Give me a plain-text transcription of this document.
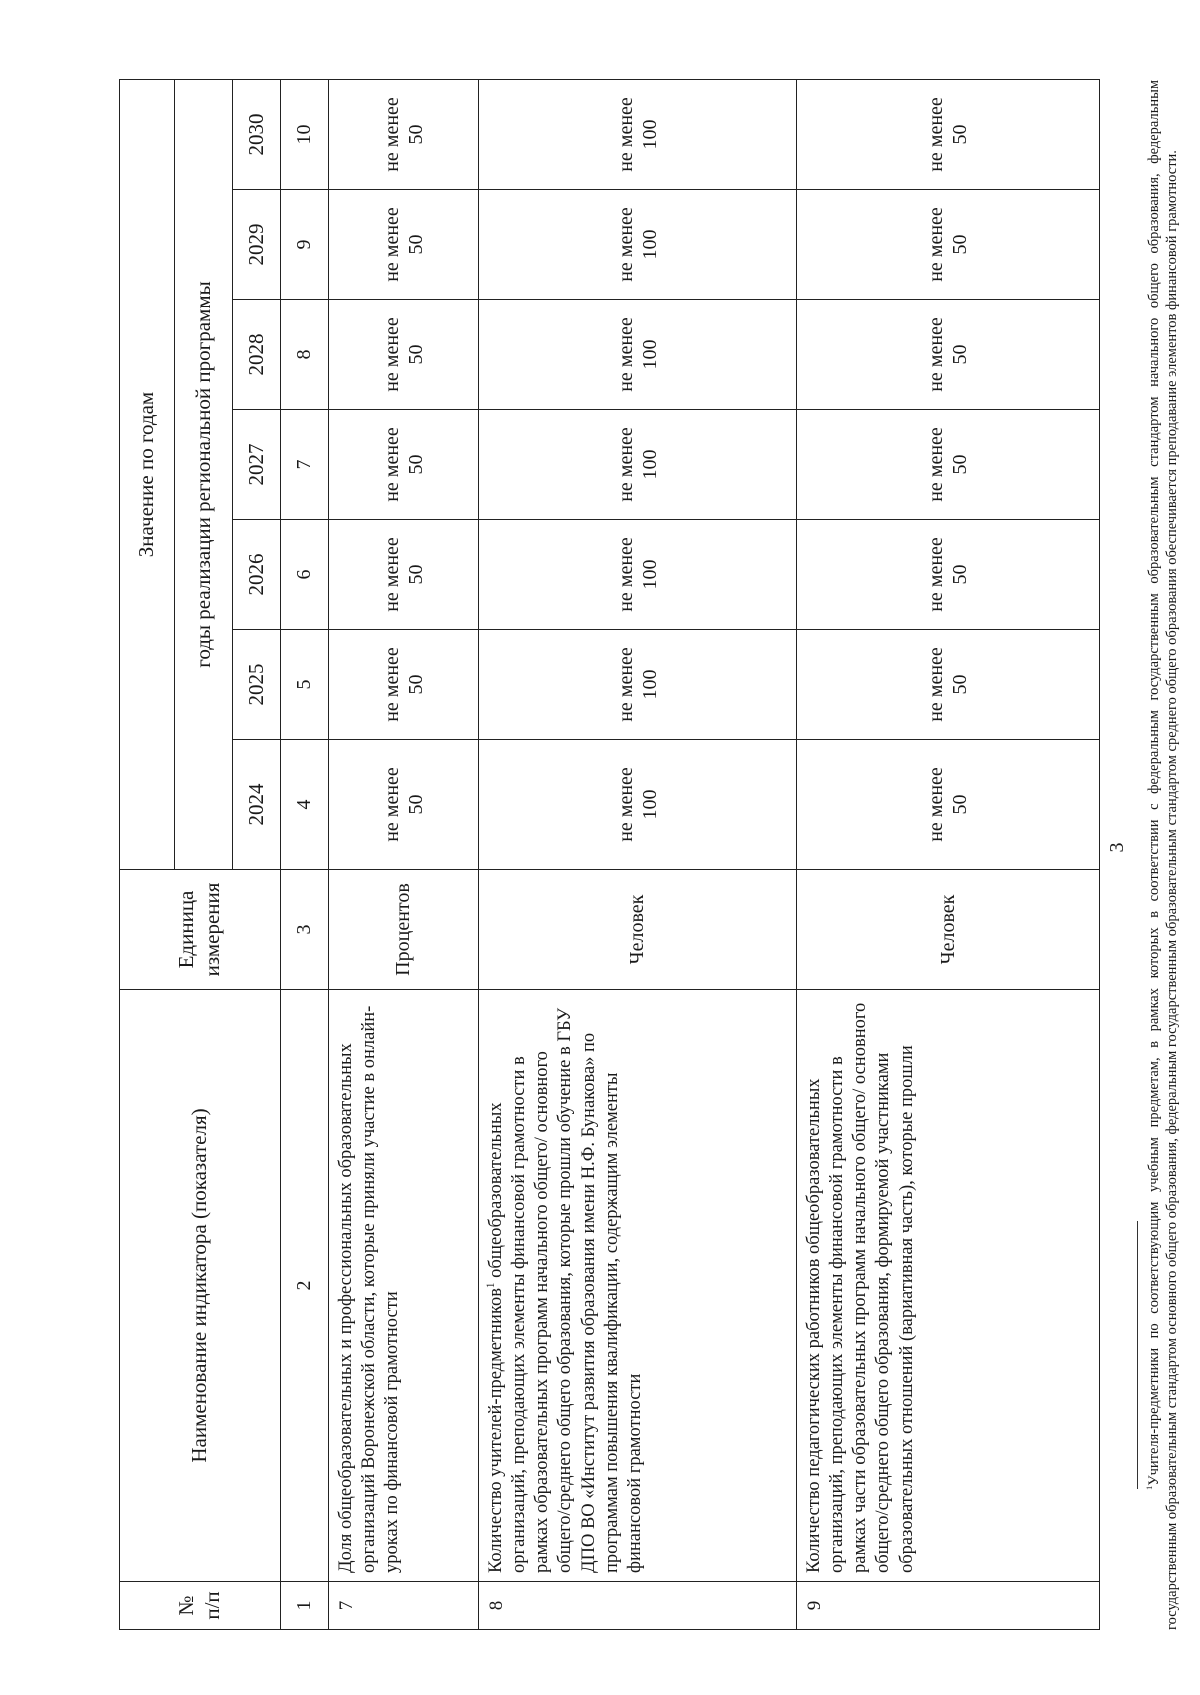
3
№ п/п	Наименование индикатора (показателя)	Единица измерения	Значение по годам						
			годы реализации региональной программы						
			2024	2025	2026	2027	2028	2029	2030
1	2	3	4	5	6	7	8	9	10
7	Доля общеобразовательных и профессиональных образовательных организаций Воронежской области, которые приняли участие в онлайн-уроках по финансовой грамотности	Процентов	не менее 50	не менее 50	не менее 50	не менее 50	не менее 50	не менее 50	не менее 50

8	Количество учителей-предметников$^1$ общеобразовательных организаций, преподающих элементы финансовой грамотности в рамках образовательных программ начального общего/ основного общего/среднего общего образования, которые прошли обучение в ГБУ ДПО ВО «Институт развития образования имени Н.Ф. Бунакова» по программам повышения квалификации, содержащим элементы финансовой грамотности	Человек	не менее 100	не менее 100	не менее 100	не менее 100	не менее 100	не менее 100	не менее 100

9	Количество педагогических работников общеобразовательных организаций, преподающих элементы финансовой грамотности в рамках части образовательных программ начального общего/ основного общего/среднего общего образования, формируемой участниками образовательных отношений (вариативная часть), которые прошли	Человек	не менее 50	не менее 50	не менее 50	не менее 50	не менее 50	не менее 50	не менее 50

$^1$Учителя-предметники по соответствующим учебным предметам, в рамках которых в соответствии с федеральным государственным образовательным стандартом начального общего образования, федеральным государственным образовательным стандартом основного общего образования, федеральным государственным образовательным стандартом среднего общего образования обеспечивается преподавание элементов финансовой грамотности.
